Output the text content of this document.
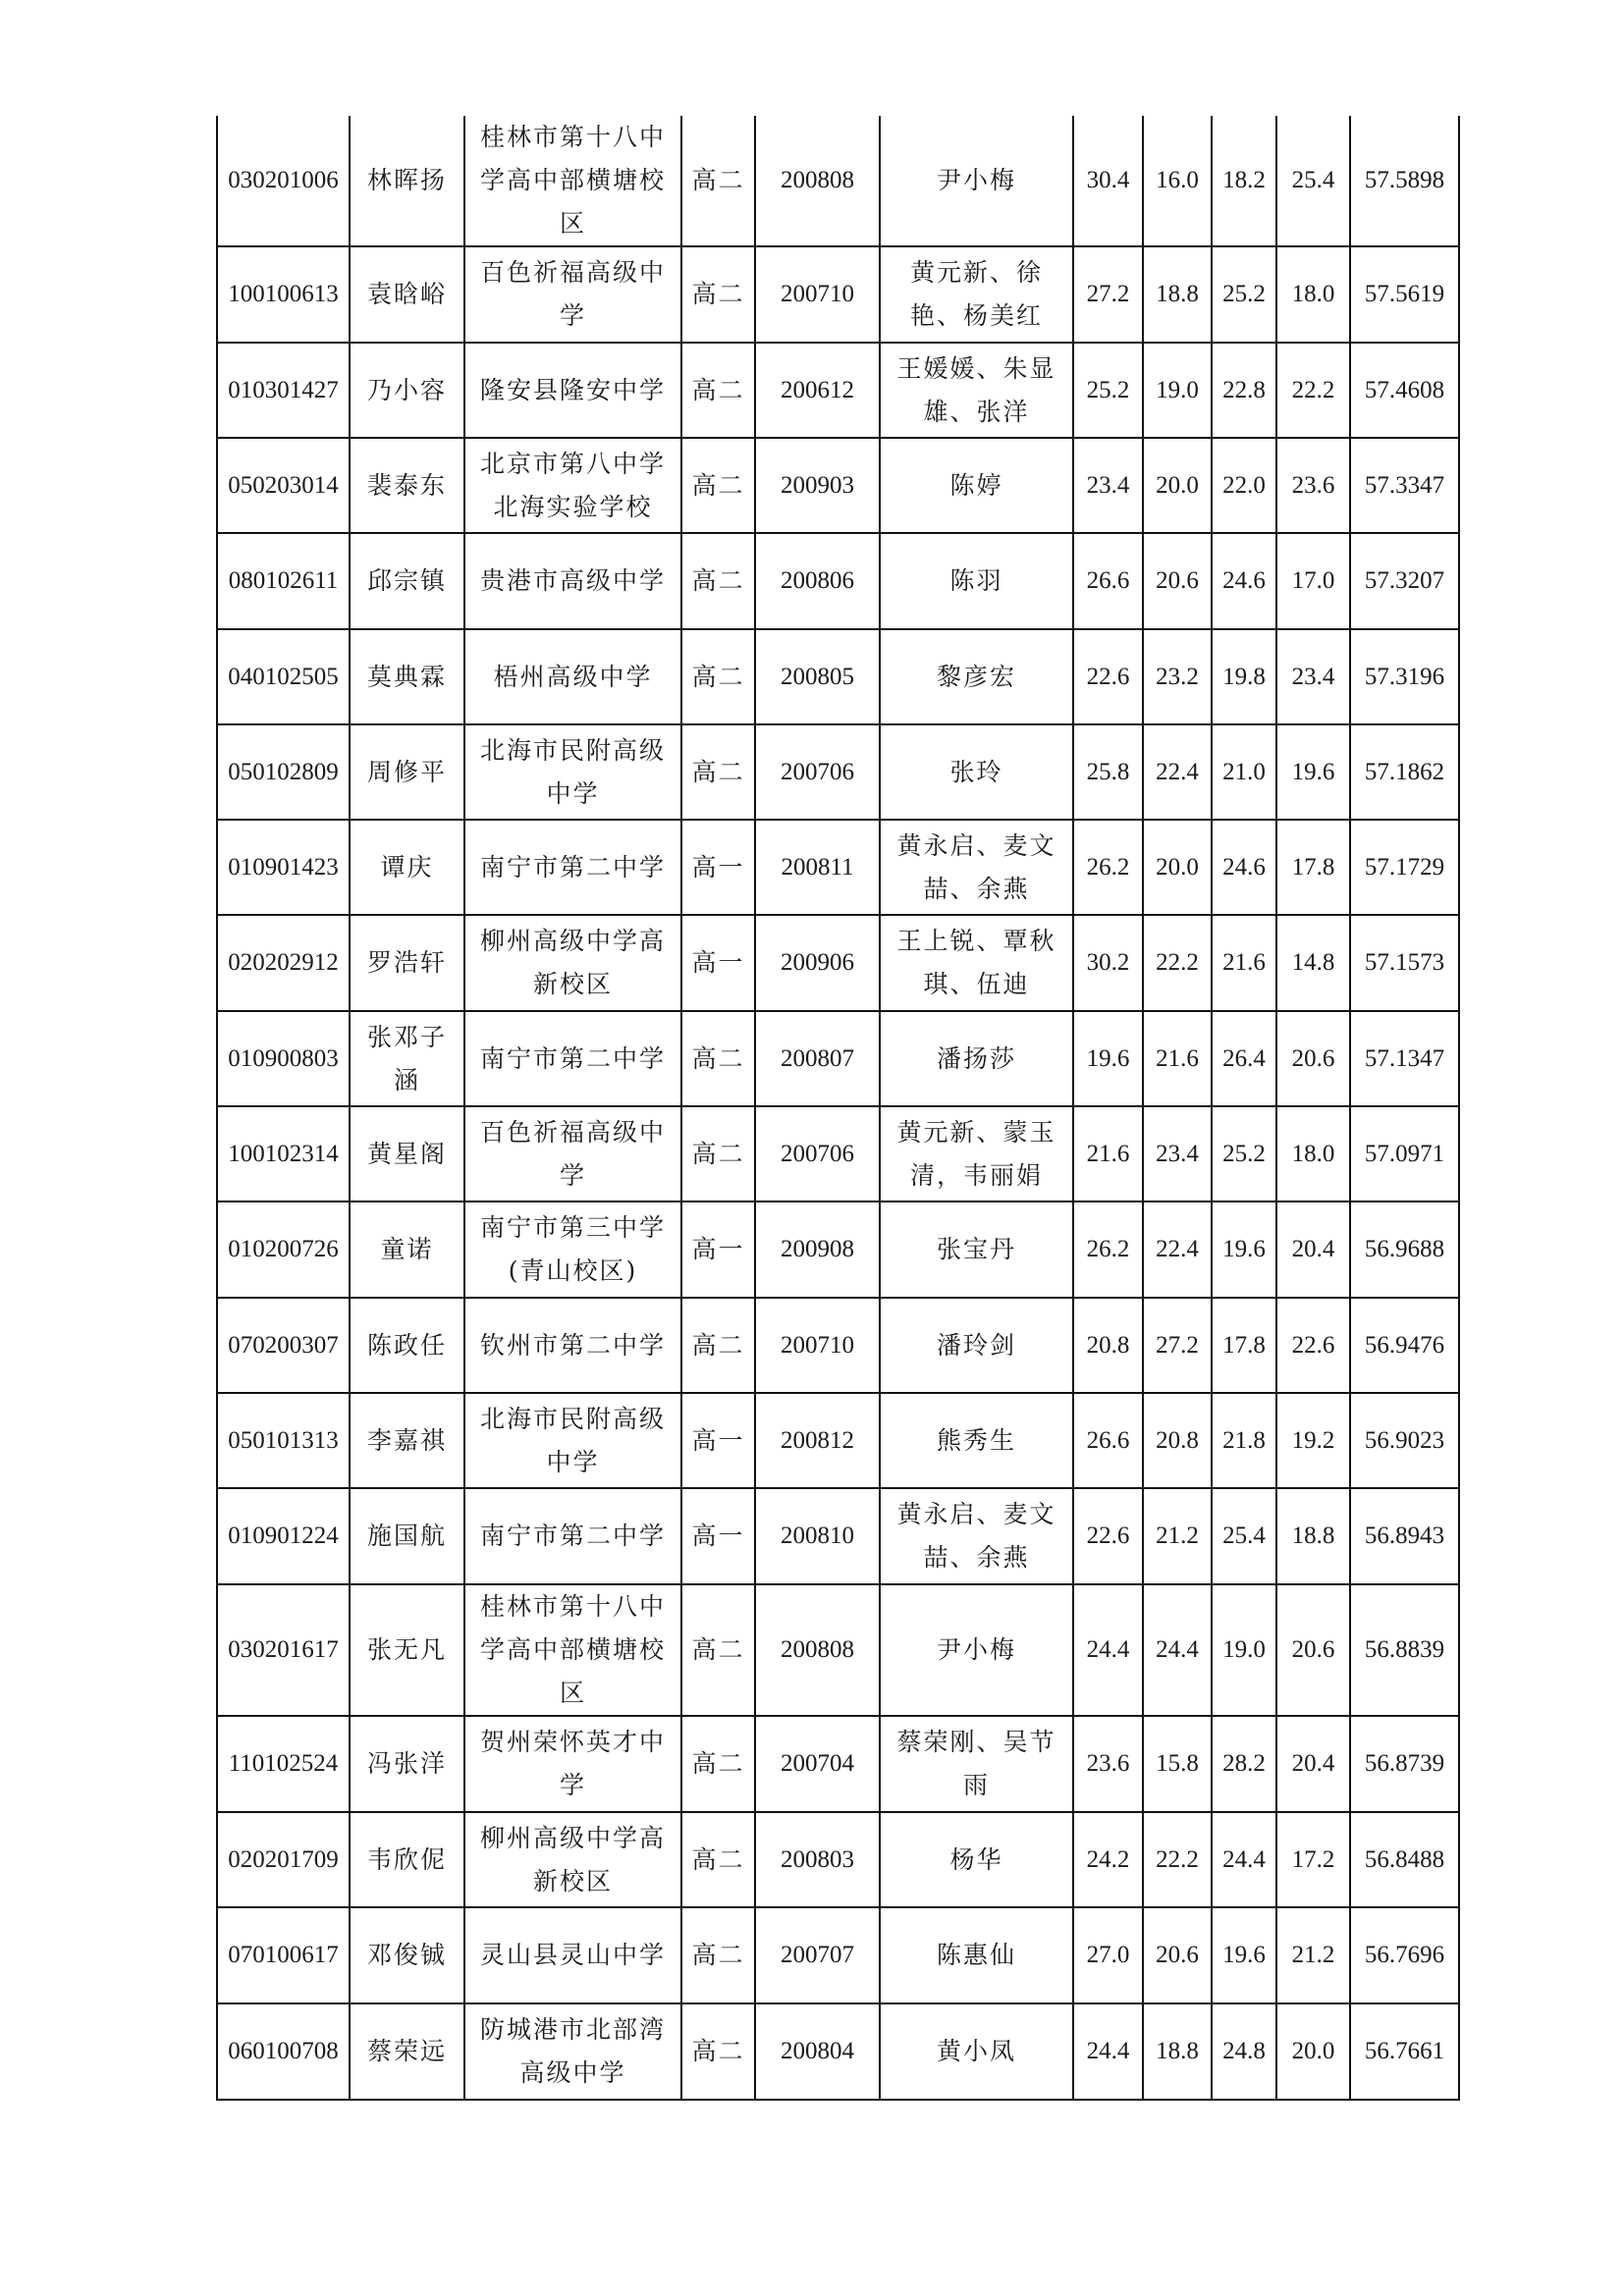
030201006	林晖扬	桂林市第十八中学高中部横塘校区	高二	200808	尹小梅	30.4	16.0	18.2	25.4	57.5898
100100613	袁晗峪	百色祈福高级中学	高二	200710	黄元新、徐艳、杨美红	27.2	18.8	25.2	18.0	57.5619
010301427	乃小容	隆安县隆安中学	高二	200612	王媛媛、朱显雄、张洋	25.2	19.0	22.8	22.2	57.4608
050203014	裴泰东	北京市第八中学北海实验学校	高二	200903	陈婷	23.4	20.0	22.0	23.6	57.3347
080102611	邱宗镇	贵港市高级中学	高二	200806	陈羽	26.6	20.6	24.6	17.0	57.3207
040102505	莫典霖	梧州高级中学	高二	200805	黎彦宏	22.6	23.2	19.8	23.4	57.3196
050102809	周修平	北海市民附高级中学	高二	200706	张玲	25.8	22.4	21.0	19.6	57.1862
010901423	谭庆	南宁市第二中学	高一	200811	黄永启、麦文喆、余燕	26.2	20.0	24.6	17.8	57.1729
020202912	罗浩轩	柳州高级中学高新校区	高一	200906	王上锐、覃秋琪、伍迪	30.2	22.2	21.6	14.8	57.1573
010900803	张邓子涵	南宁市第二中学	高二	200807	潘扬莎	19.6	21.6	26.4	20.6	57.1347
100102314	黄星阁	百色祈福高级中学	高二	200706	黄元新、蒙玉清，韦丽娟	21.6	23.4	25.2	18.0	57.0971
010200726	童诺	南宁市第三中学(青山校区)	高一	200908	张宝丹	26.2	22.4	19.6	20.4	56.9688
070200307	陈政任	钦州市第二中学	高二	200710	潘玲剑	20.8	27.2	17.8	22.6	56.9476
050101313	李嘉祺	北海市民附高级中学	高一	200812	熊秀生	26.6	20.8	21.8	19.2	56.9023
010901224	施国航	南宁市第二中学	高一	200810	黄永启、麦文喆、余燕	22.6	21.2	25.4	18.8	56.8943
030201617	张无凡	桂林市第十八中学高中部横塘校区	高二	200808	尹小梅	24.4	24.4	19.0	20.6	56.8839
110102524	冯张洋	贺州荣怀英才中学	高二	200704	蔡荣刚、吴节雨	23.6	15.8	28.2	20.4	56.8739
020201709	韦欣伲	柳州高级中学高新校区	高二	200803	杨华	24.2	22.2	24.4	17.2	56.8488
070100617	邓俊铖	灵山县灵山中学	高二	200707	陈惠仙	27.0	20.6	19.6	21.2	56.7696
060100708	蔡荣远	防城港市北部湾高级中学	高二	200804	黄小凤	24.4	18.8	24.8	20.0	56.7661
